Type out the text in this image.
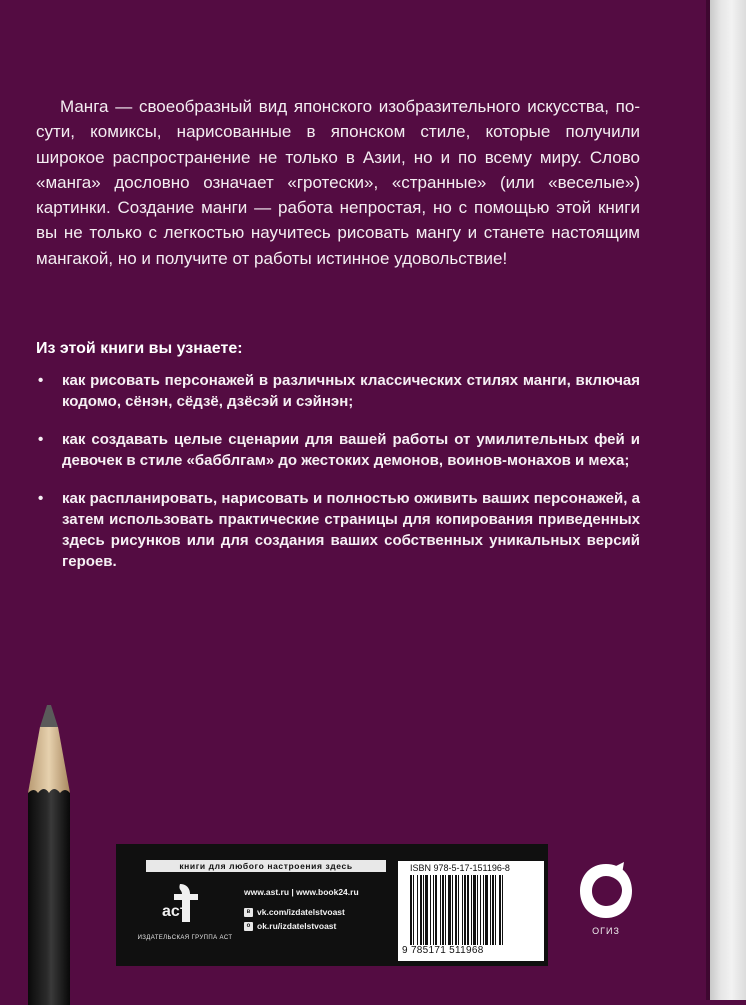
Манга — своеобразный вид японского изобразительного искусства, по-сути, комиксы, нарисованные в японском стиле, которые получили широкое распространение не только в Азии, но и по всему миру. Слово «манга» дословно означает «гротески», «странные» (или «веселые») картинки. Создание манги — работа непростая, но с помощью этой книги вы не только с легкостью научитесь рисовать мангу и станете настоящим мангакой, но и получите от работы истинное удовольствие!

Из этой книги вы узнаете:

• как рисовать персонажей в различных классических стилях манги, включая кодомо, сёнэн, сёдзё, дзёсэй и сэйнэн;
• как создавать целые сценарии для вашей работы от умилительных фей и девочек в стиле «бабблгам» до жестоких демонов, воинов-монахов и меха;
• как распланировать, нарисовать и полностью оживить ваших персонажей, а затем использовать практические страницы для копирования приведенных здесь рисунков или для создания ваших собственных уникальных версий героев.
книги для любого настроения здесь
аст
ИЗДАТЕЛЬСКАЯ ГРУППА АСТ
www.ast.ru | www.book24.ru
в vk.com/izdatelstvoast
о ok.ru/izdatelstvoast
ISBN 978-5-17-151196-8
9 785171 511968
ОГИЗ
